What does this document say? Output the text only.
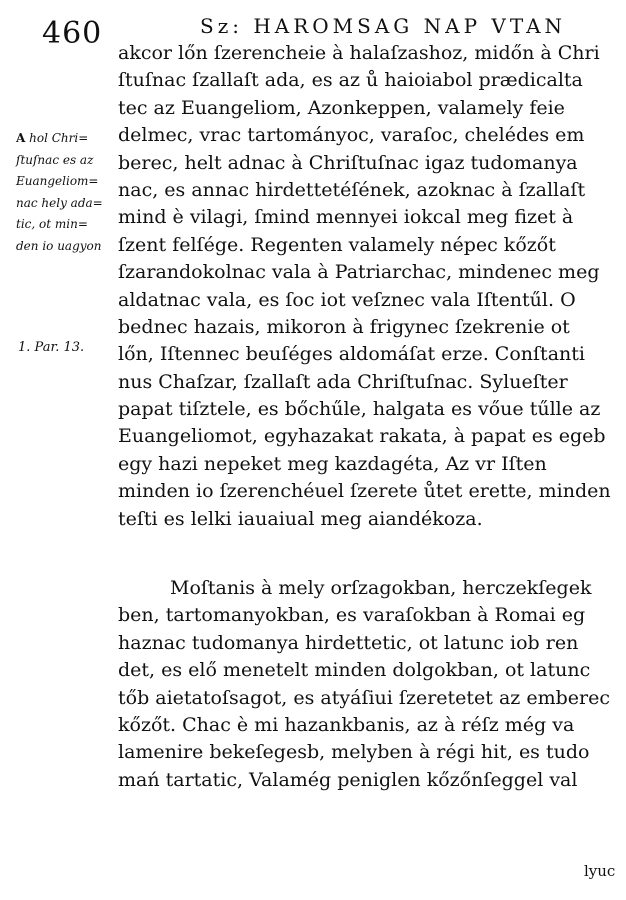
460	Sz: HAROMSAG NAP VTAN
A hol Chri=
ſtuſnac es az
Euangeliom=
nac hely ada=
tic, ot min=
den io uagyon
1. Par. 13.
akcor lőn ſzerencheie à halaſzashoz, midőn à Chri
ſtuſnac ſzallaſt ada, es az ů haioiabol prædicalta
tec az Euangeliom, Azonkeppen, valamely feie
delmec, vrac tartományoc, varaſoc, chelédes em
berec, helt adnac à Chriſtuſnac igaz tudomanya
nac, es annac hirdettetéſének, azoknac à ſzallaſt
mind è vilagi, ſmind mennyei iokcal meg fizet à
ſzent felſége. Regenten valamely népec kőzőt
ſzarandokolnac vala à Patriarchac, mindenec meg
aldatnac vala, es ſoc iot veſznec vala Iſtentűl. O
bednec hazais, mikoron à frigynec ſzekrenie ot
lőn, Iſtennec beuſéges aldomáſat erze. Conſtanti
nus Chaſzar, ſzallaſt ada Chriſtuſnac. Sylueſter
papat tiſztele, es bőchűle, halgata es vőue tűlle az
Euangeliomot, egyhazakat rakata, à papat es egeb
egy hazi nepeket meg kazdagéta, Az vr Iſten
minden io ſzerenchéuel ſzerete ůtet erette, minden
teſti es lelki iauaiual meg aiandékoza.
Moſtanis à mely orſzagokban, herczekſegek
ben, tartomanyokban, es varaſokban à Romai eg
haznac tudomanya hirdettetic, ot latunc iob ren
det, es elő menetelt minden dolgokban, ot latunc
tőb aietatoſsagot, es atyáſiui ſzeretetet az emberec
kőzőt. Chac è mi hazankbanis, az à réſz még va
lamenire bekeſegesb, melyben à régi hit, es tudo
mań tartatic, Valamég peniglen kőzőnſeggel val
lyuc
